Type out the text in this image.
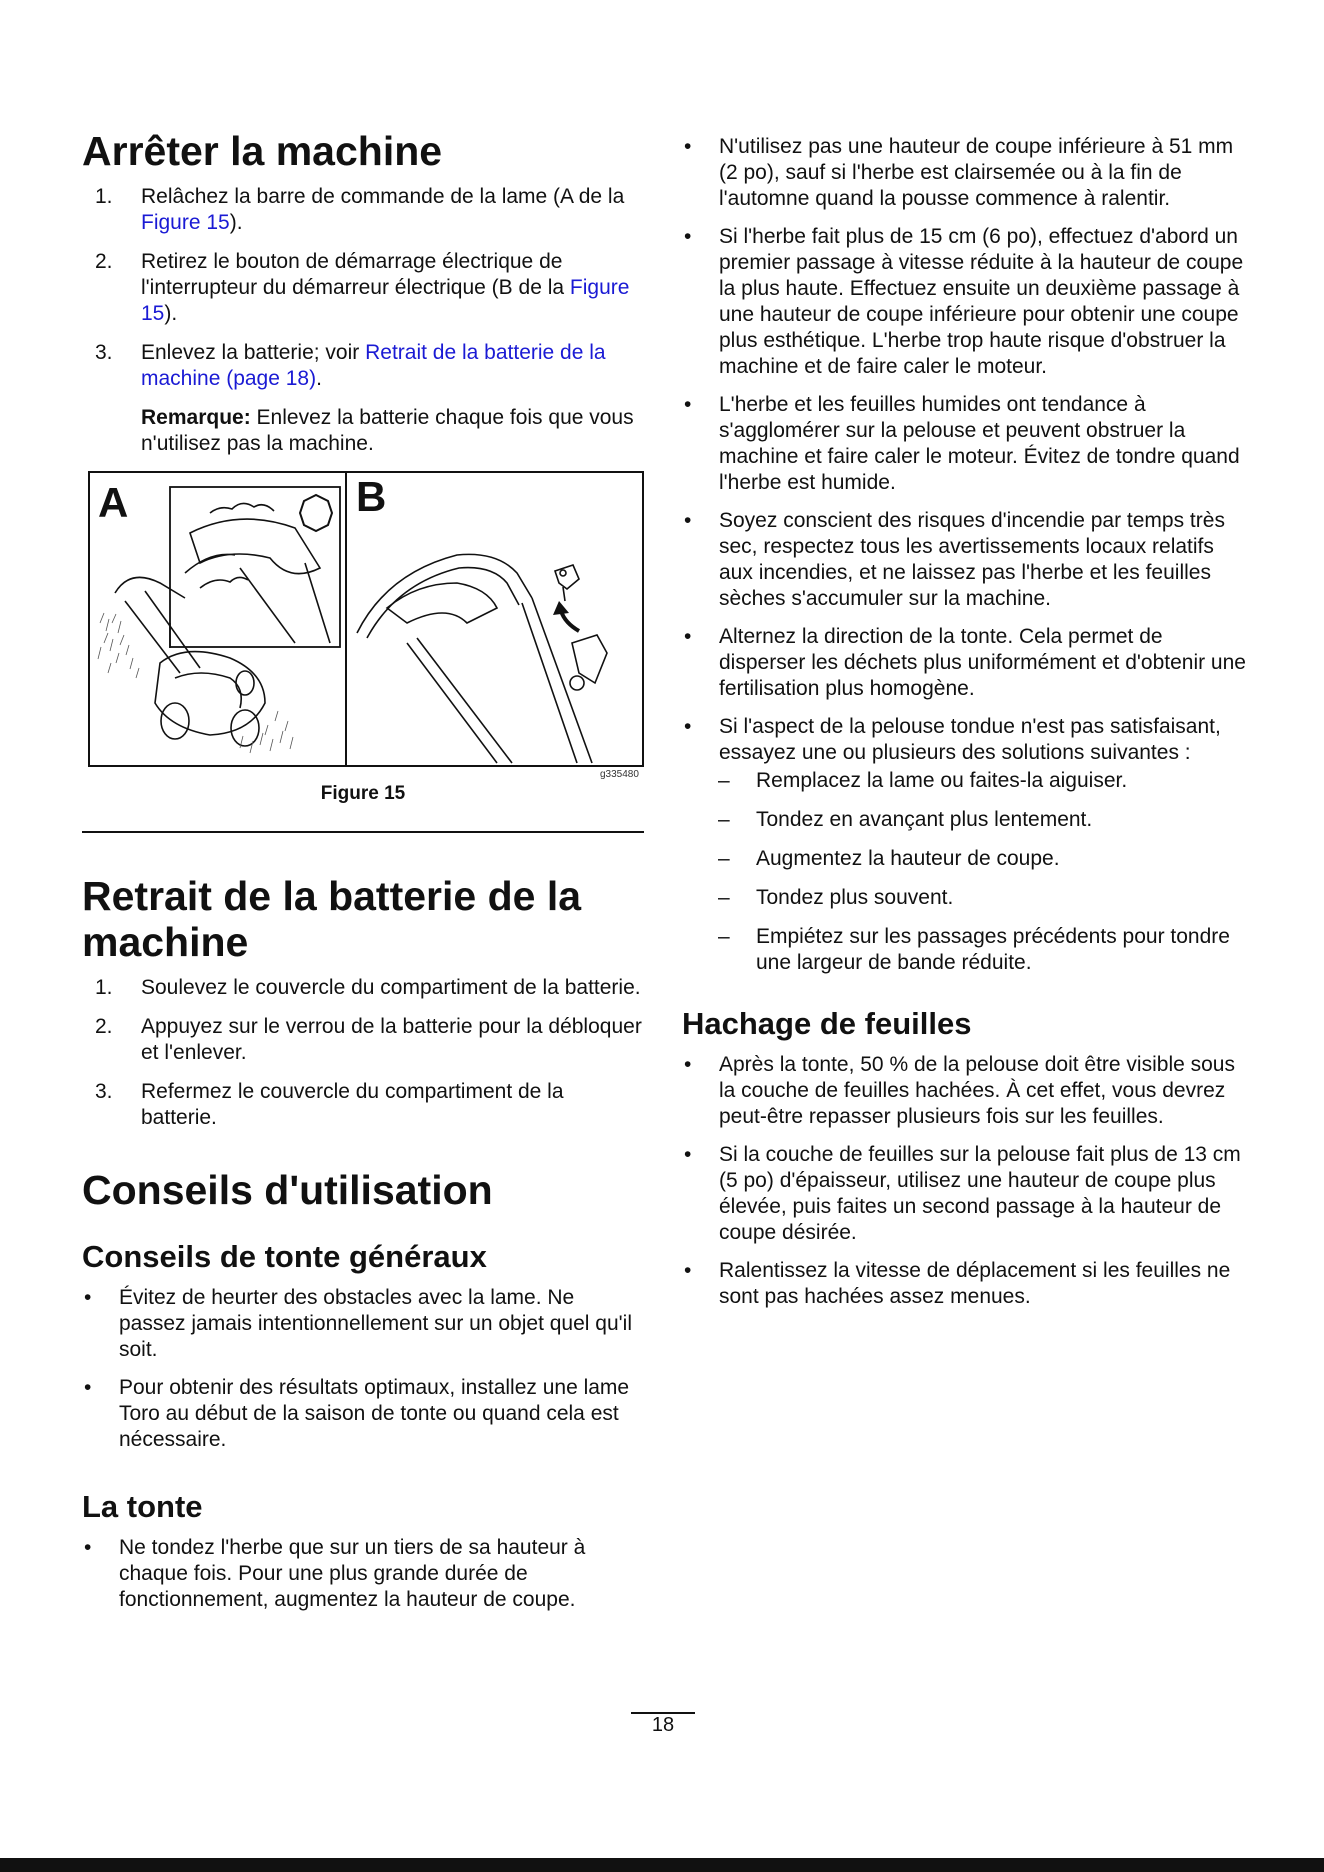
Arrêter la machine
1. Relâchez la barre de commande de la lame (A de la Figure 15).
2. Retirez le bouton de démarrage électrique de l'interrupteur du démarreur électrique (B de la Figure 15).
3. Enlevez la batterie; voir Retrait de la batterie de la machine (page 18).
Remarque: Enlevez la batterie chaque fois que vous n'utilisez pas la machine.
A	B
g335480
Figure 15
Retrait de la batterie de la machine
1. Soulevez le couvercle du compartiment de la batterie.
2. Appuyez sur le verrou de la batterie pour la débloquer et l'enlever.
3. Refermez le couvercle du compartiment de la batterie.
Conseils d'utilisation
Conseils de tonte généraux
• Évitez de heurter des obstacles avec la lame. Ne passez jamais intentionnellement sur un objet quel qu'il soit.
• Pour obtenir des résultats optimaux, installez une lame Toro au début de la saison de tonte ou quand cela est nécessaire.
La tonte
• Ne tondez l'herbe que sur un tiers de sa hauteur à chaque fois. Pour une plus grande durée de fonctionnement, augmentez la hauteur de coupe.
• N'utilisez pas une hauteur de coupe inférieure à 51 mm (2 po), sauf si l'herbe est clairsemée ou à la fin de l'automne quand la pousse commence à ralentir.
• Si l'herbe fait plus de 15 cm (6 po), effectuez d'abord un premier passage à vitesse réduite à la hauteur de coupe la plus haute. Effectuez ensuite un deuxième passage à une hauteur de coupe inférieure pour obtenir une coupe plus esthétique. L'herbe trop haute risque d'obstruer la machine et de faire caler le moteur.
• L'herbe et les feuilles humides ont tendance à s'agglomérer sur la pelouse et peuvent obstruer la machine et faire caler le moteur. Évitez de tondre quand l'herbe est humide.
• Soyez conscient des risques d'incendie par temps très sec, respectez tous les avertissements locaux relatifs aux incendies, et ne laissez pas l'herbe et les feuilles sèches s'accumuler sur la machine.
• Alternez la direction de la tonte. Cela permet de disperser les déchets plus uniformément et d'obtenir une fertilisation plus homogène.
• Si l'aspect de la pelouse tondue n'est pas satisfaisant, essayez une ou plusieurs des solutions suivantes :
– Remplacez la lame ou faites-la aiguiser.
– Tondez en avançant plus lentement.
– Augmentez la hauteur de coupe.
– Tondez plus souvent.
– Empiétez sur les passages précédents pour tondre une largeur de bande réduite.
Hachage de feuilles
• Après la tonte, 50 % de la pelouse doit être visible sous la couche de feuilles hachées. À cet effet, vous devrez peut-être repasser plusieurs fois sur les feuilles.
• Si la couche de feuilles sur la pelouse fait plus de 13 cm (5 po) d'épaisseur, utilisez une hauteur de coupe plus élevée, puis faites un second passage à la hauteur de coupe désirée.
• Ralentissez la vitesse de déplacement si les feuilles ne sont pas hachées assez menues.
18
